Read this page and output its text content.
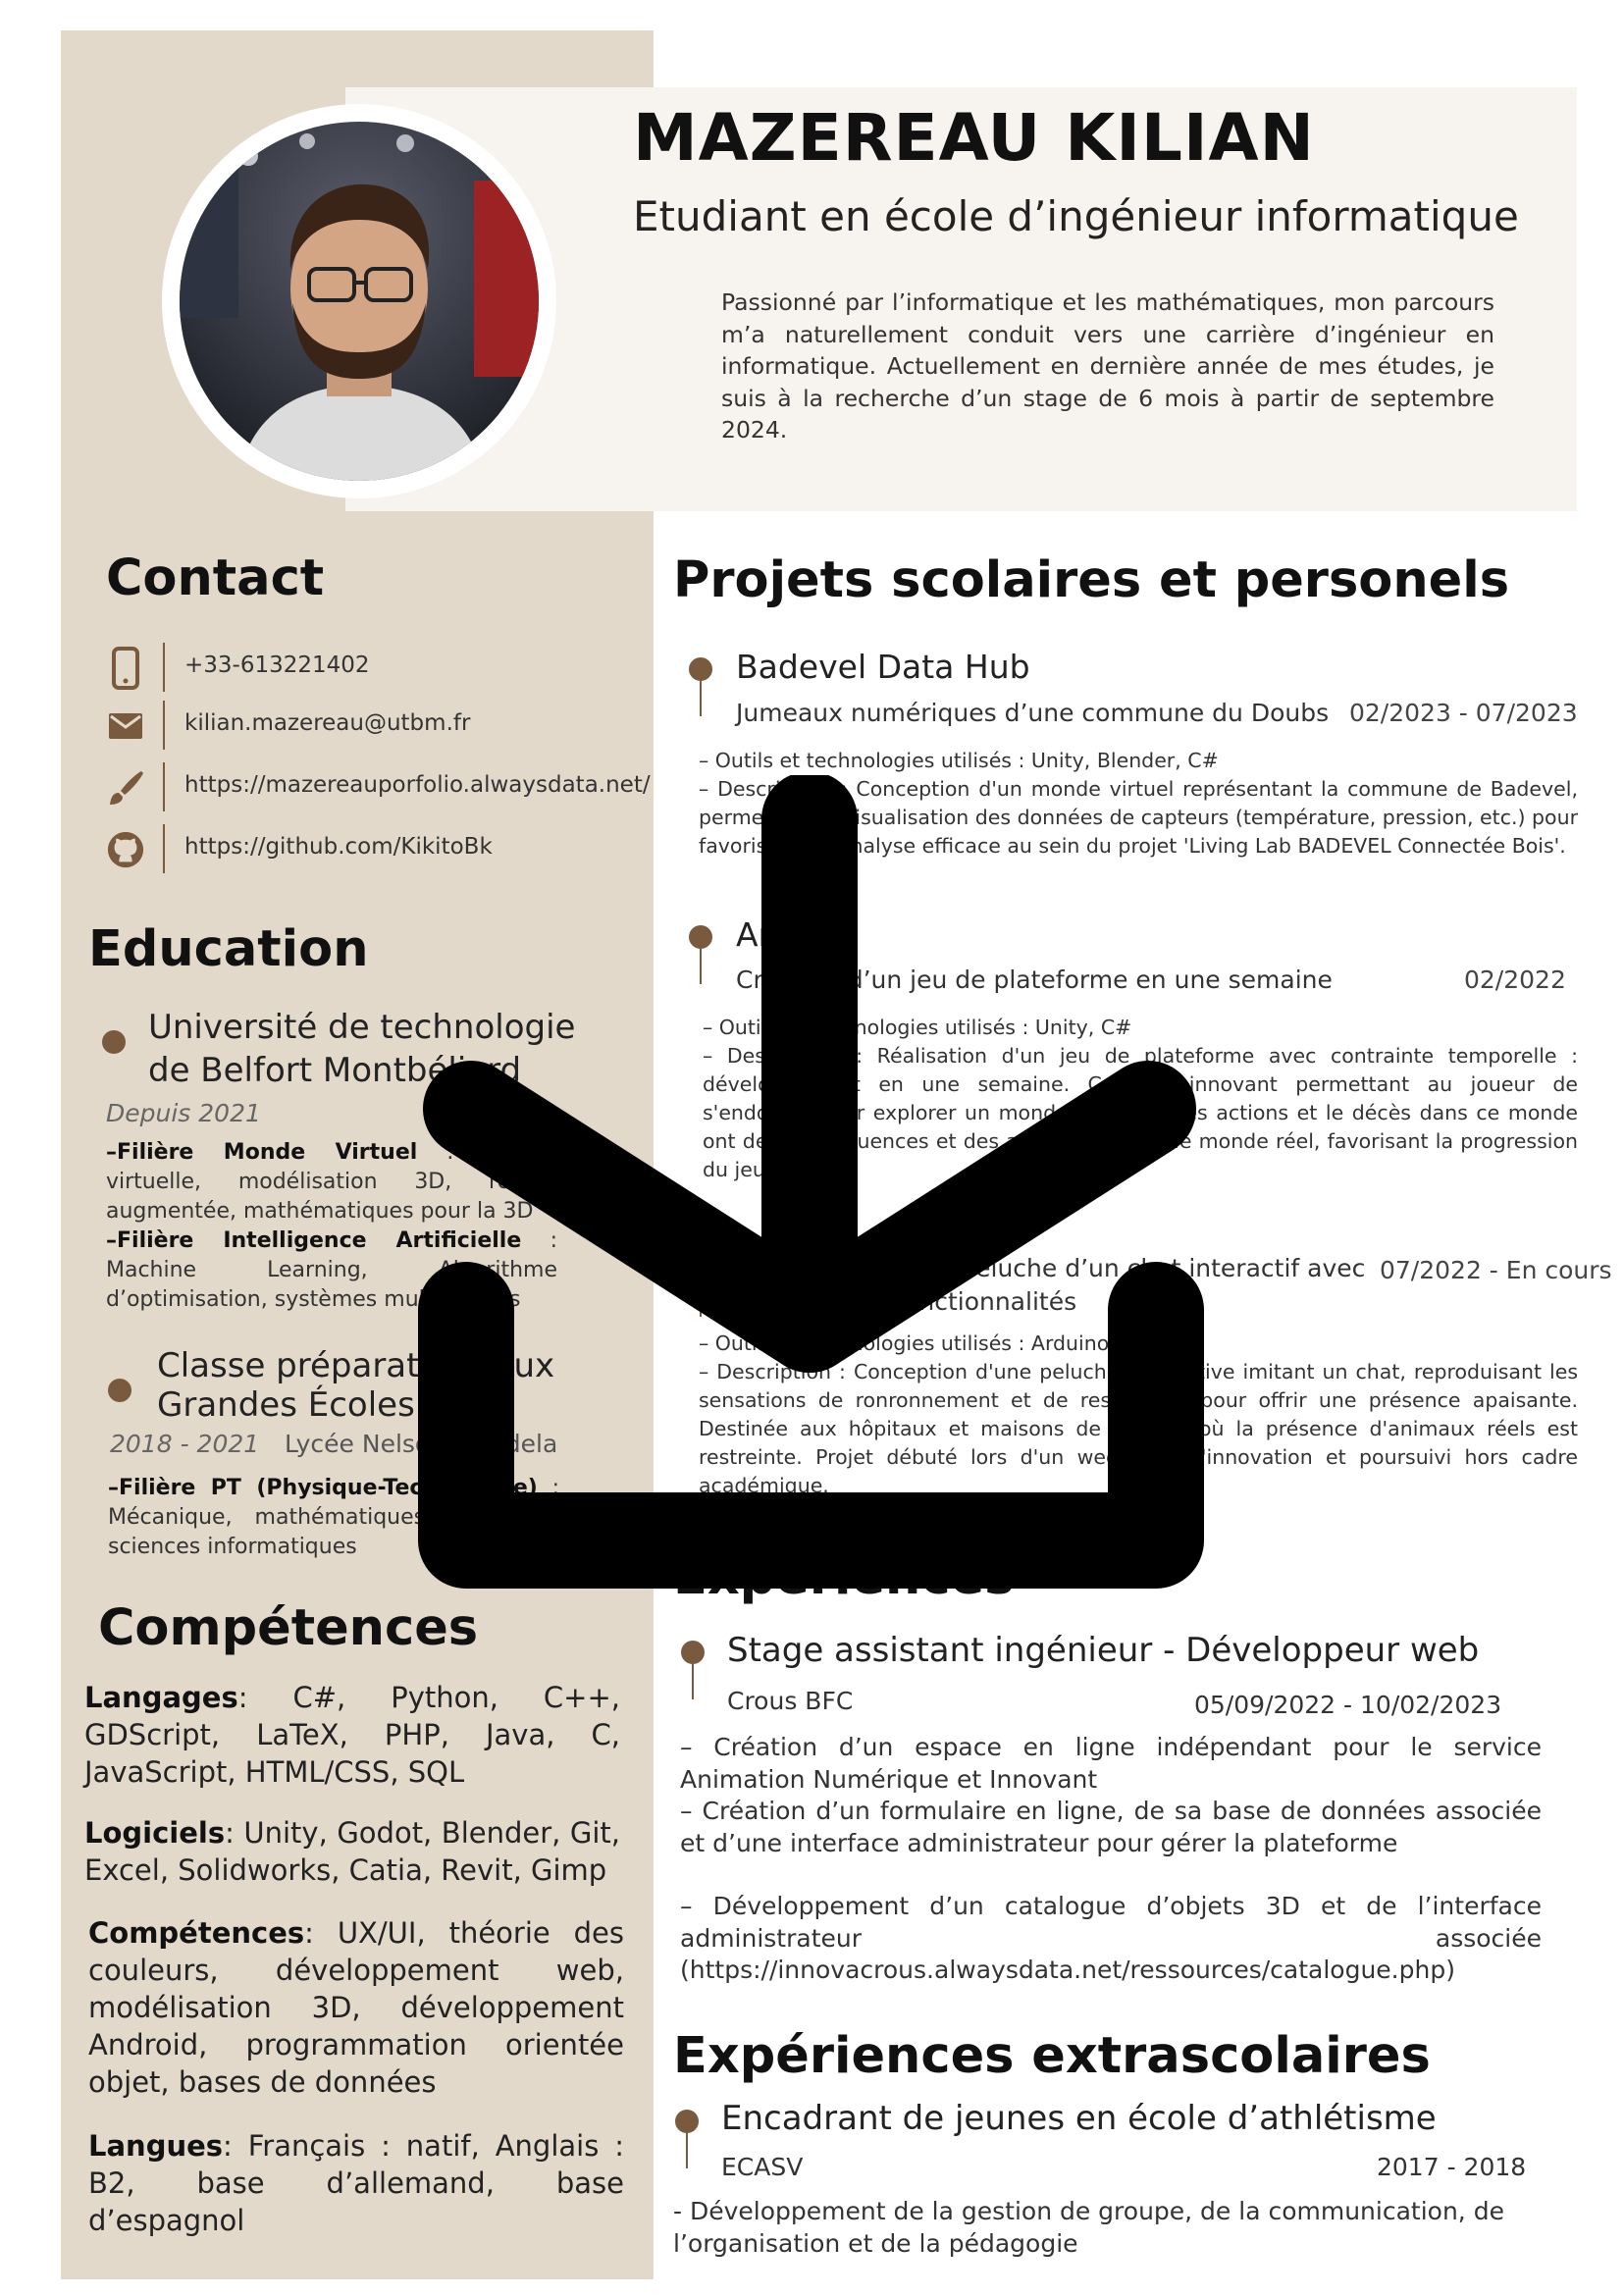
MAZEREAU KILIAN
Etudiant en école d’ingénieur informatique
Passionné par l’informatique et les mathématiques, mon parcours m’a naturellement conduit vers une carrière d’ingénieur en informatique. Actuellement en dernière année de mes études, je suis à la recherche d’un stage de 6 mois à partir de septembre 2024.
Contact
+33-613221402
kilian.mazereau@utbm.fr
https://mazereauporfolio.alwaysdata.net/
https://github.com/KikitoBk
Education
Université de technologie
de Belfort Montbéliard
Depuis 2021
–Filière Monde Virtuel : Réalité virtuelle, modélisation 3D, réalité augmentée, mathématiques pour la 3D
–Filière Intelligence Artificielle : Machine Learning, Algorithme d’optimisation, systèmes multi-agents
Classe préparatoire aux
Grandes Écoles
2018 - 2021 Lycée Nelson Mandela
–Filière PT (Physique-Technologie) : Mécanique, mathématiques, physique, sciences informatiques
Compétences
Langages: C#, Python, C++, GDScript, LaTeX, PHP, Java, C, JavaScript, HTML/CSS, SQL
Logiciels: Unity, Godot, Blender, Git, Excel, Solidworks, Catia, Revit, Gimp
Compétences: UX/UI, théorie des couleurs, développement web, modélisation 3D, développement Android, programmation orientée objet, bases de données
Langues: Français : natif, Anglais : B2, base d’allemand, base d’espagnol
Projets scolaires et personels
Badevel Data Hub
Jumeaux numériques d’une commune du Doubs 02/2023 - 07/2023
– Outils et technologies utilisés : Unity, Blender, C#
– Description : Conception d'un monde virtuel représentant la commune de Badevel, permettant la visualisation des données de capteurs (température, pression, etc.) pour favoriser une analyse efficace au sein du projet 'Living Lab BADEVEL Connectée Bois'.
Anima
Création d’un jeu de plateforme en une semaine	02/2022
– Outils et technologies utilisés : Unity, C#
– Description : Réalisation d'un jeu de plateforme avec contrainte temporelle : développement en une semaine. Concept innovant permettant au joueur de s'endormir pour explorer un monde onirique. Les actions et le décès dans ce monde ont des conséquences et des avantages dans le monde réel, favorisant la progression du jeu.
Conception d’une peluche d’un chat interactif avec
de multiples fonctionnalités
07/2022 - En cours
– Outils et technologies utilisés : Arduino, C++
– Description : Conception d'une peluche interactive imitant un chat, reproduisant les sensations de ronronnement et de respiration pour offrir une présence apaisante. Destinée aux hôpitaux et maisons de retraite où la présence d'animaux réels est restreinte. Projet débuté lors d'un week-end d'innovation et poursuivi hors cadre académique.
Expériences
Stage assistant ingénieur - Développeur web
Crous BFC	05/09/2022 - 10/02/2023
– Création d’un espace en ligne indépendant pour le service Animation Numérique et Innovant
– Création d’un formulaire en ligne, de sa base de données associée et d’une interface administrateur pour gérer la plateforme
– Développement d’un catalogue d’objets 3D et de l’interface administrateur associée (https://innovacrous.alwaysdata.net/ressources/catalogue.php)
Expériences extrascolaires
Encadrant de jeunes en école d’athlétisme
ECASV	2017 - 2018
- Développement de la gestion de groupe, de la communication, de l’organisation et de la pédagogie
